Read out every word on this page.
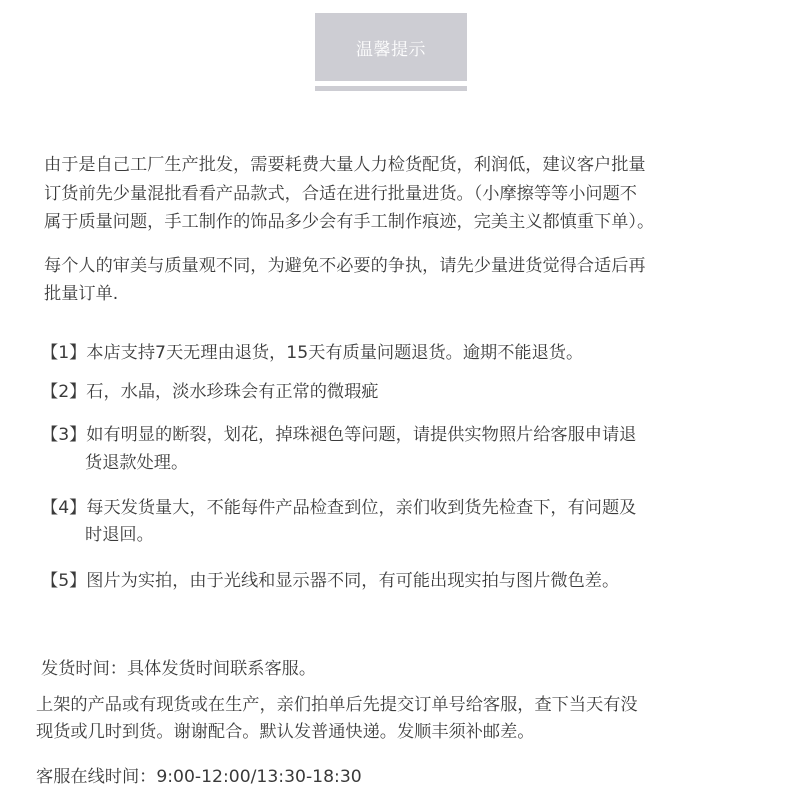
温馨提示
由于是自己工厂生产批发，需要耗费大量人力检货配货，利润低，建议客户批量
订货前先少量混批看看产品款式，合适在进行批量进货。（小摩擦等等小问题不
属于质量问题，手工制作的饰品多少会有手工制作痕迹，完美主义都慎重下单）。
每个人的审美与质量观不同，为避免不必要的争执，请先少量进货觉得合适后再
批量订单.
【1】本店支持7天无理由退货，15天有质量问题退货。逾期不能退货。
【2】石，水晶，淡水珍珠会有正常的微瑕疵
【3】如有明显的断裂，划花，掉珠褪色等问题，请提供实物照片给客服申请退
货退款处理。
【4】每天发货量大，不能每件产品检查到位，亲们收到货先检查下，有问题及
时退回。
【5】图片为实拍，由于光线和显示器不同，有可能出现实拍与图片微色差。
发货时间：具体发货时间联系客服。
上架的产品或有现货或在生产，亲们拍单后先提交订单号给客服，查下当天有没
现货或几时到货。谢谢配合。默认发普通快递。发顺丰须补邮差。
客服在线时间：9:00-12:00/13:30-18:30
